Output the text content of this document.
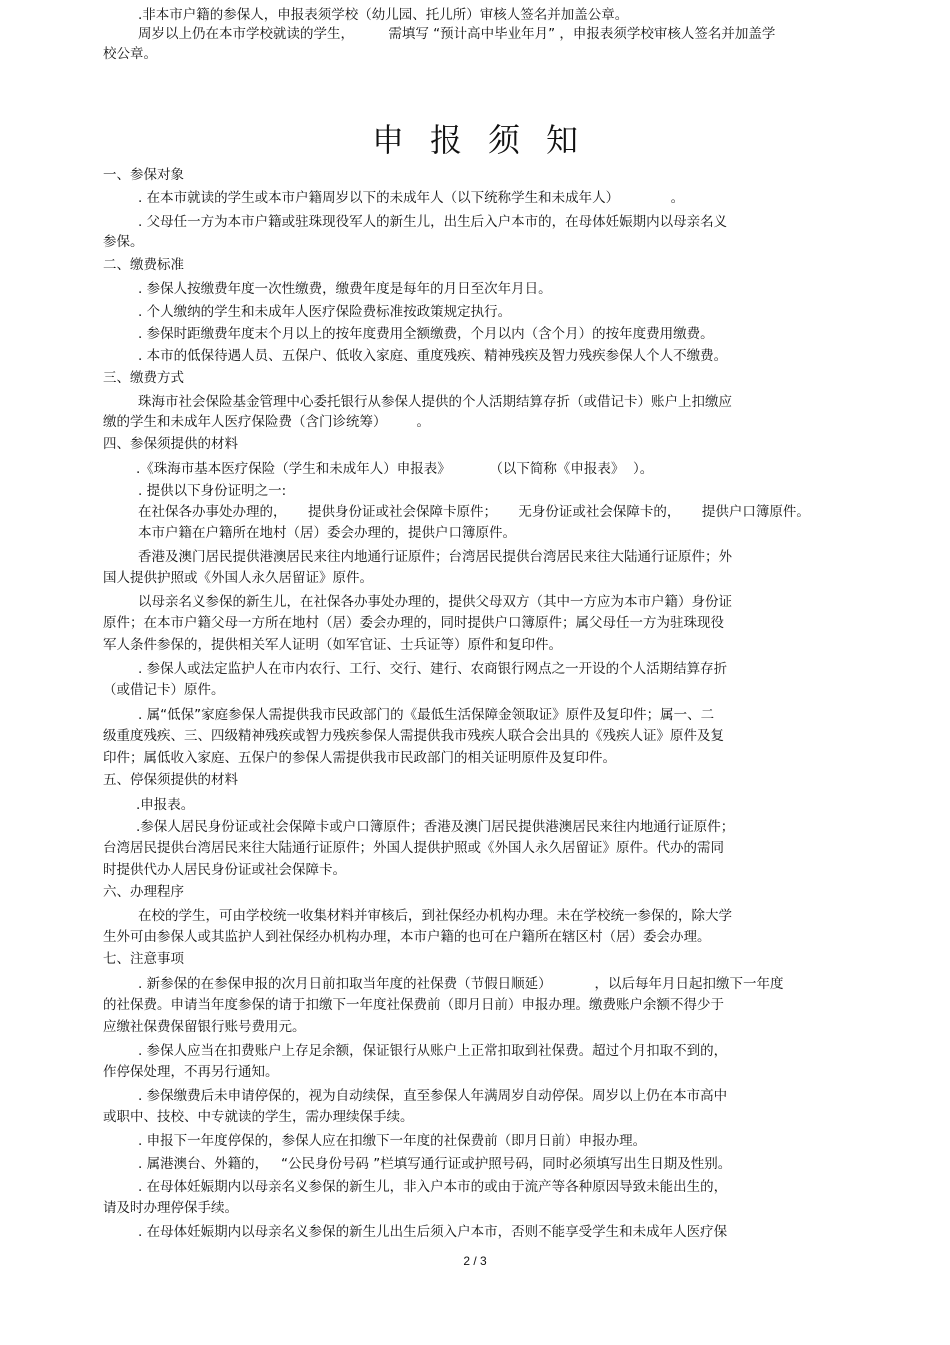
.非本市户籍的参保人，申报表须学校（幼儿园、托儿所）审核人签名并加盖公章。
周岁以上仍在本市学校就读的学生，        需填写 “预计高中毕业年月” ，申报表须学校审核人签名并加盖学
校公章。
申报须知
一、参保对象
. 在本市就读的学生或本市户籍周岁以下的未成年人（以下统称学生和未成年人）            。
. 父母任一方为本市户籍或驻珠现役军人的新生儿，出生后入户本市的，在母体妊娠期内以母亲名义
参保。
二、缴费标准
. 参保人按缴费年度一次性缴费，缴费年度是每年的月日至次年月日。
. 个人缴纳的学生和未成年人医疗保险费标准按政策规定执行。
. 参保时距缴费年度末个月以上的按年度费用全额缴费，个月以内（含个月）的按年度费用缴费。
. 本市的低保待遇人员、五保户、低收入家庭、重度残疾、精神残疾及智力残疾参保人个人不缴费。
三、缴费方式
珠海市社会保险基金管理中心委托银行从参保人提供的个人活期结算存折（或借记卡）账户上扣缴应
缴的学生和未成年人医疗保险费（含门诊统筹）       。
四、参保须提供的材料
.《珠海市基本医疗保险（学生和未成年人）申报表》         （以下简称《申报表》  ）。
. 提供以下身份证明之一:
在社保各办事处办理的，     提供身份证或社会保障卡原件；     无身份证或社会保障卡的，     提供户口簿原件。
本市户籍在户籍所在地村（居）委会办理的，提供户口簿原件。
香港及澳门居民提供港澳居民来往内地通行证原件；台湾居民提供台湾居民来往大陆通行证原件；外
国人提供护照或《外国人永久居留证》原件。
以母亲名义参保的新生儿，在社保各办事处办理的，提供父母双方（其中一方应为本市户籍）身份证
原件；在本市户籍父母一方所在地村（居）委会办理的，同时提供户口簿原件；属父母任一方为驻珠现役
军人条件参保的，提供相关军人证明（如军官证、士兵证等）原件和复印件。
. 参保人或法定监护人在市内农行、工行、交行、建行、农商银行网点之一开设的个人活期结算存折
（或借记卡）原件。
. 属“低保”家庭参保人需提供我市民政部门的《最低生活保障金领取证》原件及复印件；属一、二
级重度残疾、三、四级精神残疾或智力残疾参保人需提供我市残疾人联合会出具的《残疾人证》原件及复
印件；属低收入家庭、五保户的参保人需提供我市民政部门的相关证明原件及复印件。
五、停保须提供的材料
.申报表。
.参保人居民身份证或社会保障卡或户口簿原件；香港及澳门居民提供港澳居民来往内地通行证原件；
台湾居民提供台湾居民来往大陆通行证原件；外国人提供护照或《外国人永久居留证》原件。代办的需同
时提供代办人居民身份证或社会保障卡。
六、办理程序
在校的学生，可由学校统一收集材料并审核后，到社保经办机构办理。未在学校统一参保的，除大学
生外可由参保人或其监护人到社保经办机构办理，本市户籍的也可在户籍所在辖区村（居）委会办理。
七、注意事项
. 新参保的在参保申报的次月日前扣取当年度的社保费（节假日顺延）          ，以后每年月日起扣缴下一年度
的社保费。申请当年度参保的请于扣缴下一年度社保费前（即月日前）申报办理。缴费账户余额不得少于
应缴社保费保留银行账号费用元。
. 参保人应当在扣费账户上存足余额，保证银行从账户上正常扣取到社保费。超过个月扣取不到的，
作停保处理，不再另行通知。
. 参保缴费后未申请停保的，视为自动续保，直至参保人年满周岁自动停保。周岁以上仍在本市高中
或职中、技校、中专就读的学生，需办理续保手续。
. 申报下一年度停保的，参保人应在扣缴下一年度的社保费前（即月日前）申报办理。
. 属港澳台、外籍的，   “公民身份号码 ”栏填写通行证或护照号码，同时必须填写出生日期及性别。
. 在母体妊娠期内以母亲名义参保的新生儿，非入户本市的或由于流产等各种原因导致未能出生的，
请及时办理停保手续。
. 在母体妊娠期内以母亲名义参保的新生儿出生后须入户本市，否则不能享受学生和未成年人医疗保
2 / 3
